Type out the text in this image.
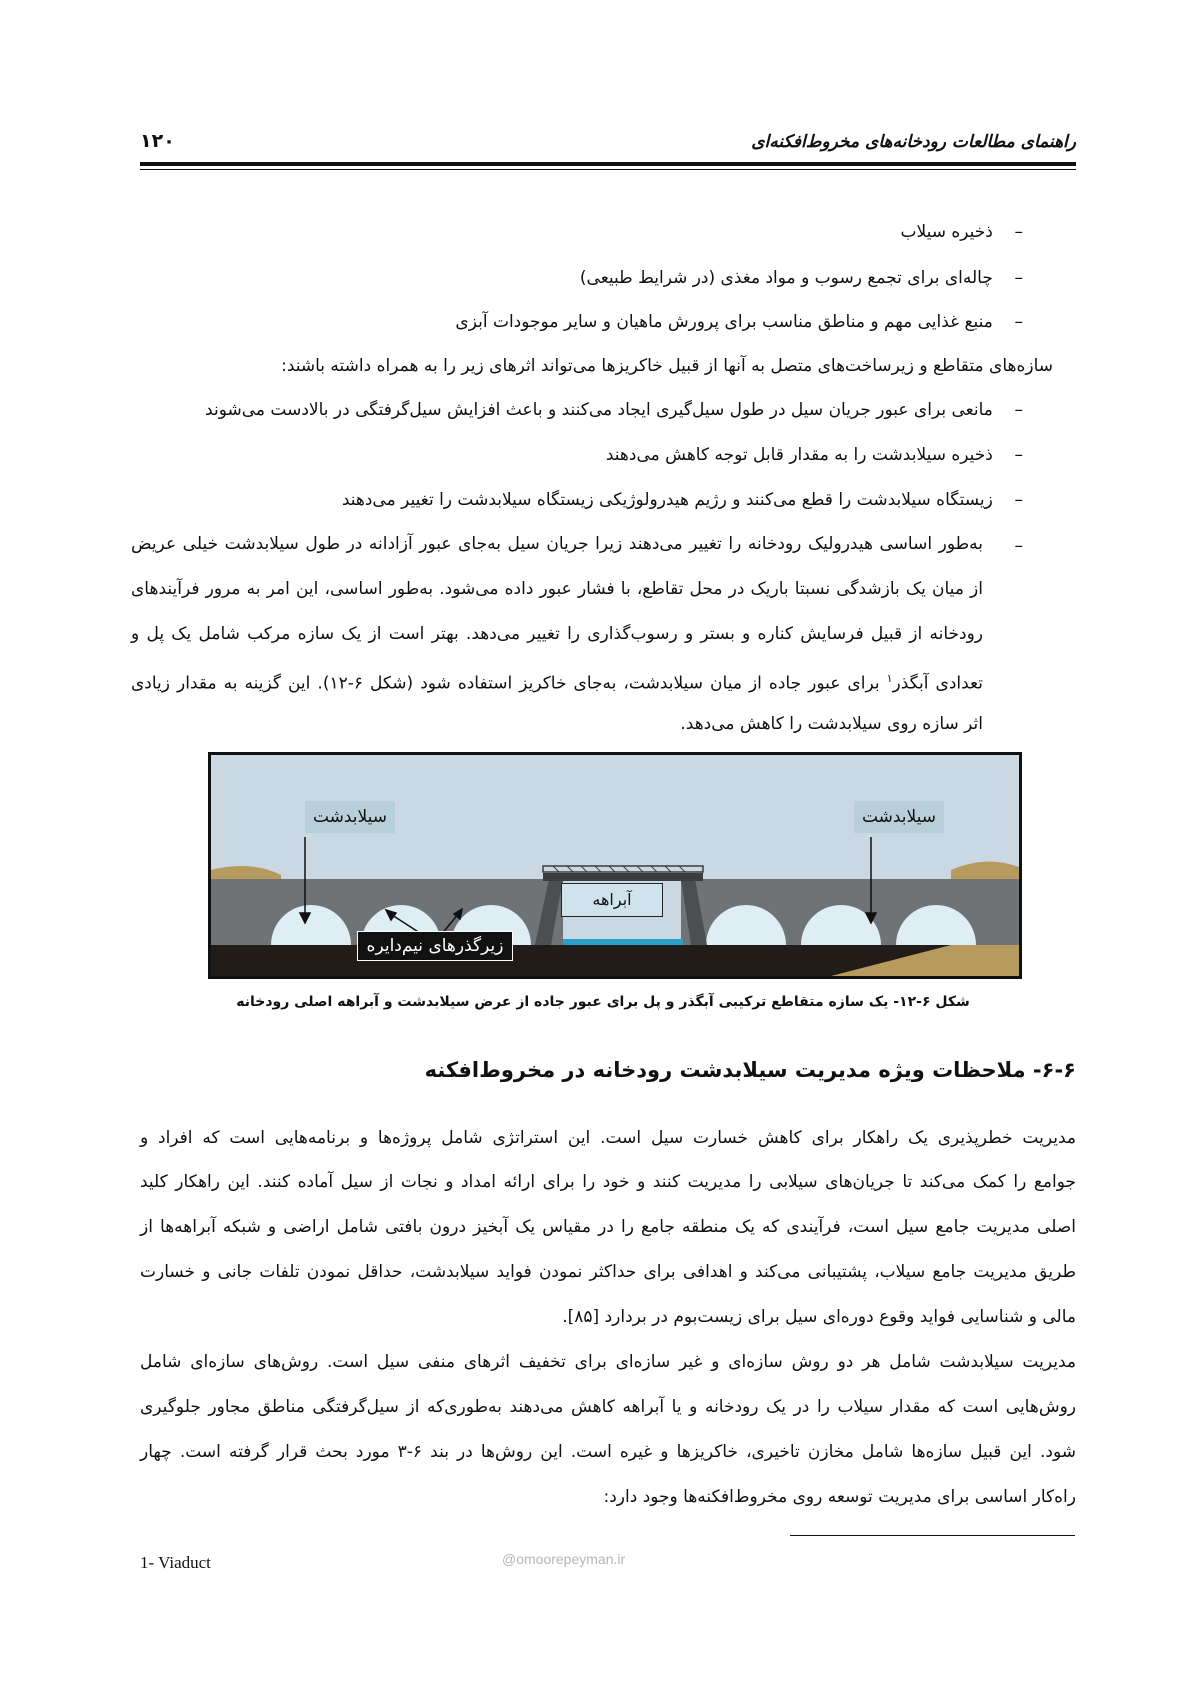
۱۲۰	راهنمای مطالعات رودخانه‌های مخروط‌افکنه‌ای
–    ذخیره سیلاب
–    چاله‌ای برای تجمع رسوب و مواد مغذی (در شرایط طبیعی)
–    منبع غذایی مهم و مناطق مناسب برای پرورش ماهیان و سایر موجودات آبزی
سازه‌های متقاطع و زیرساخت‌های متصل به آنها از قبیل خاکریزها می‌تواند اثرهای زیر را به همراه داشته باشند:
–    مانعی برای عبور جریان سیل در طول سیل‌گیری ایجاد می‌کنند و باعث افزایش سیل‌گرفتگی در بالادست می‌شوند
–    ذخیره سیلابدشت را به مقدار قابل توجه کاهش می‌دهند
–    زیستگاه سیلابدشت را قطع می‌کنند و رژیم هیدرولوژیکی زیستگاه سیلابدشت را تغییر می‌دهند
–
به‌طور اساسی هیدرولیک رودخانه را تغییر می‌دهند زیرا جریان سیل به‌جای عبور آزادانه در طول سیلابدشت خیلی عریض
از میان یک بازشدگی نسبتا باریک در محل تقاطع، با فشار عبور داده می‌شود. به‌طور اساسی، این امر به مرور فرآیندهای
رودخانه از قبیل فرسایش کناره و بستر و رسوب‌گذاری را تغییر می‌دهد. بهتر است از یک سازه مرکب شامل یک پل و
تعدادی آبگذر$^۱$ برای عبور جاده از میان سیلابدشت، به‌جای خاکریز استفاده شود (شکل ۶-۱۲). این گزینه به مقدار زیادی
اثر سازه روی سیلابدشت را کاهش می‌دهد.
سیلابدشت	سیلابدشت
آبراهه
زیرگذرهای نیم‌دایره
شکل ۶-۱۲- یک سازه متقاطع ترکیبی آبگذر و پل برای عبور جاده از عرض سیلابدشت و آبراهه اصلی رودخانه
۶-۶- ملاحظات ویژه مدیریت سیلابدشت رودخانه در مخروط‌افکنه
مدیریت خطرپذیری یک راهکار برای کاهش خسارت سیل است. این استراتژی شامل پروژه‌ها و برنامه‌هایی است که افراد و
جوامع را کمک می‌کند تا جریان‌های سیلابی را مدیریت کنند و خود را برای ارائه امداد و نجات از سیل آماده کنند. این راهکار کلید
اصلی مدیریت جامع سیل است، فرآیندی که یک منطقه جامع را در مقیاس یک آبخیز درون بافتی شامل اراضی و شبکه آبراهه‌ها از
طریق مدیریت جامع سیلاب، پشتیبانی می‌کند و اهدافی برای حداکثر نمودن فواید سیلابدشت، حداقل نمودن تلفات جانی و خسارت
مالی و شناسایی فواید وقوع دوره‌ای سیل برای زیست‌بوم در بردارد [۸۵].
مدیریت سیلابدشت شامل هر دو روش سازه‌ای و غیر سازه‌ای برای تخفیف اثرهای منفی سیل است. روش‌های سازه‌ای شامل
روش‌هایی است که مقدار سیلاب را در یک رودخانه و یا آبراهه کاهش می‌دهند به‌طوری‌که از سیل‌گرفتگی مناطق مجاور جلوگیری
شود. این قبیل سازه‌ها شامل مخازن تاخیری، خاکریزها و غیره است. این روش‌ها در بند ۶-۳ مورد بحث قرار گرفته است. چهار
راه‌کار اساسی برای مدیریت توسعه روی مخروط‌افکنه‌ها وجود دارد:
1- Viaduct	@omoorepeyman.ir
